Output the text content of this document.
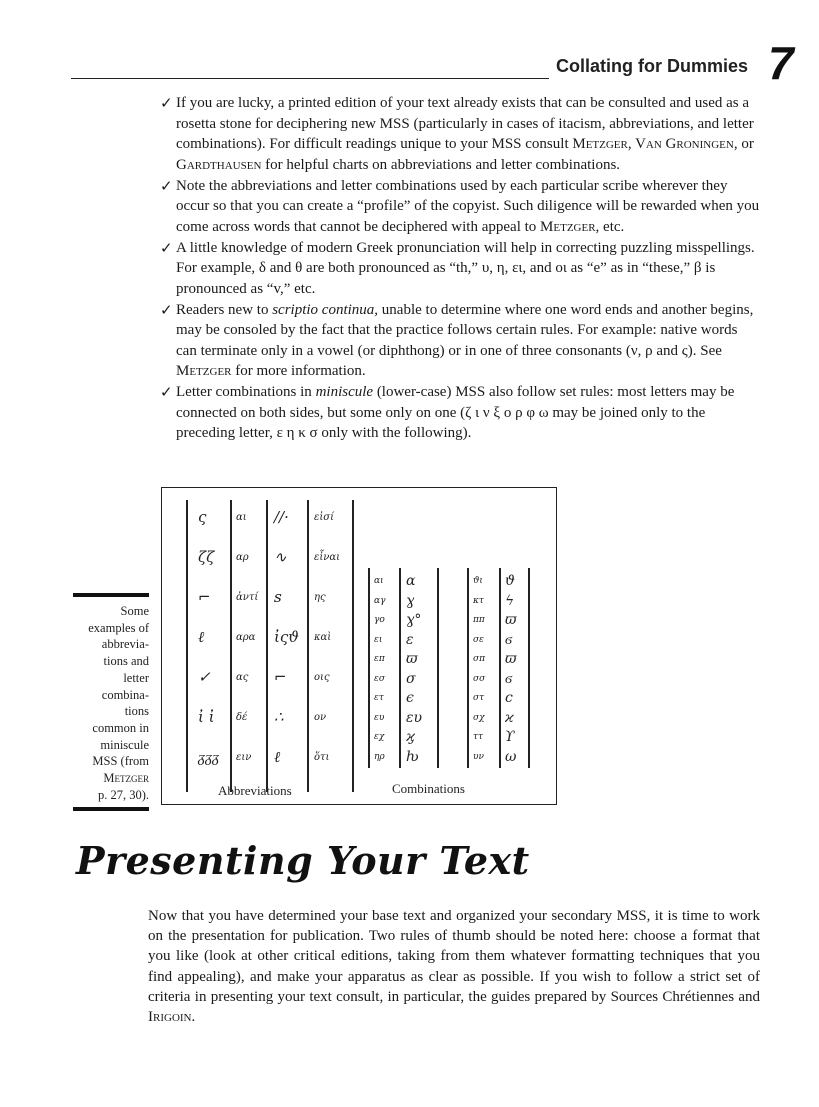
Collating for Dummies 7
✓ If you are lucky, a printed edition of your text already exists that can be consulted and used as a rosetta stone for deciphering new MSS (particularly in cases of itacism, abbreviations, and letter combinations). For difficult readings unique to your MSS consult Metzger, Van Groningen, or Gardthausen for helpful charts on abbreviations and letter combinations.
✓ Note the abbreviations and letter combinations used by each particular scribe wherever they occur so that you can create a “profile” of the copyist. Such diligence will be rewarded when you come across words that cannot be deciphered with appeal to Metzger, etc.
✓ A little knowledge of modern Greek pronunciation will help in correcting puzzling misspellings. For example, δ and θ are both pronounced as “th,” υ, η, ει, and οι as “e” as in “these,” β is pronounced as “v,” etc.
✓ Readers new to scriptio continua, unable to determine where one word ends and another begins, may be consoled by the fact that the practice follows certain rules. For example: native words can terminate only in a vowel (or diphthong) or in one of three consonants (ν, ρ and ς). See Metzger for more information.
✓ Letter combinations in miniscule (lower-case) MSS also follow set rules: most letters may be connected on both sides, but some only on one (ζ ι ν ξ ο ρ φ ω may be joined only to the preceding letter, ε η κ σ only with the following).
Some
examples of
abbrevia-
tions and
letter
combina-
tions
common in
miniscule
MSS (from
Metzger
p. 27, 30).	Abbreviations	Combinations
ς
ζζ
⌐
ℓ
✓
ἰ ἰ
ᵹᵹᵹ
αι
αρ
ἀντί
αρα
ας
δέ
ειν
//·
∿
ꜱ
ἰςϑ
⌐
∴
ℓ
εἰσί
εἶναι
ης
καὶ
οις
ον
ὅτι
αι
αγ
γο
ει
επ
εσ
ετ
ευ
εχ
ηρ
ɑ
ɣ
ɣ°
ɛ
ϖ
σ
ϵ
ɛυ
ϗ
ƕ
ϑι
κτ
ππ
σε
σπ
σσ
στ
σχ
ττ
υν
ϑ
ϟ
ϖ
ϭ
ϖ
ϭ
ϲ
ϰ
ϒ
ω
Presenting Your Text
Now that you have determined your base text and organized your secondary MSS, it is time to work on the presentation for publication. Two rules of thumb should be noted here: choose a format that you like (look at other critical editions, taking from them whatever formatting techniques that you find appealing), and make your apparatus as clear as possible. If you wish to follow a strict set of criteria in presenting your text consult, in particular, the guides prepared by Sources Chrétiennes and Irigoin.
